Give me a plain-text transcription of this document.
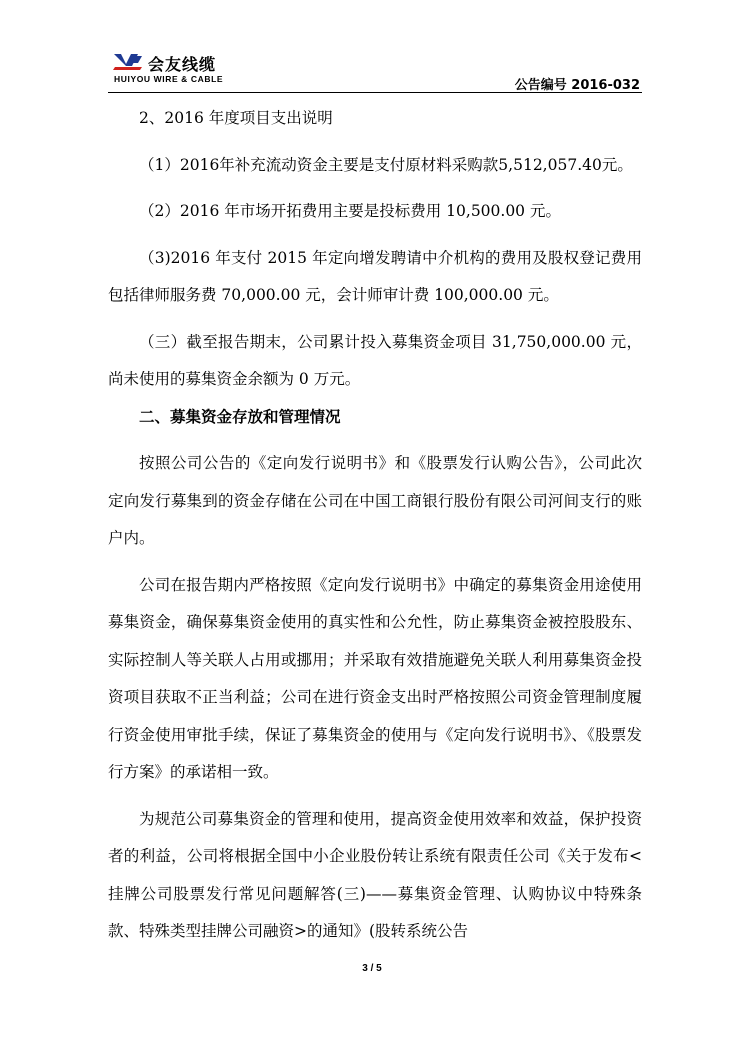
会友线缆
HUIYOU WIRE & CABLE	公告编号 2016-032

2、2016 年度项目支出说明

（1）2016年补充流动资金主要是支付原材料采购款5,512,057.40元。

（2）2016 年市场开拓费用主要是投标费用 10,500.00 元。

（3)2016 年支付 2015 年定向增发聘请中介机构的费用及股权登记费用包括律师服务费 70,000.00 元，会计师审计费 100,000.00 元。

（三）截至报告期末，公司累计投入募集资金项目 31,750,000.00 元，尚未使用的募集资金余额为 0 万元。

二、募集资金存放和管理情况

按照公司公告的《定向发行说明书》和《股票发行认购公告》，公司此次定向发行募集到的资金存储在公司在中国工商银行股份有限公司河间支行的账户内。

公司在报告期内严格按照《定向发行说明书》中确定的募集资金用途使用募集资金，确保募集资金使用的真实性和公允性，防止募集资金被控股股东、实际控制人等关联人占用或挪用；并采取有效措施避免关联人利用募集资金投资项目获取不正当利益；公司在进行资金支出时严格按照公司资金管理制度履行资金使用审批手续，保证了募集资金的使用与《定向发行说明书》、《股票发行方案》的承诺相一致。

为规范公司募集资金的管理和使用，提高资金使用效率和效益，保护投资者的利益，公司将根据全国中小企业股份转让系统有限责任公司《关于发布<挂牌公司股票发行常见问题解答(三)——募集资金管理、认购协议中特殊条款、特殊类型挂牌公司融资>的通知》(股转系统公告

3 / 5
